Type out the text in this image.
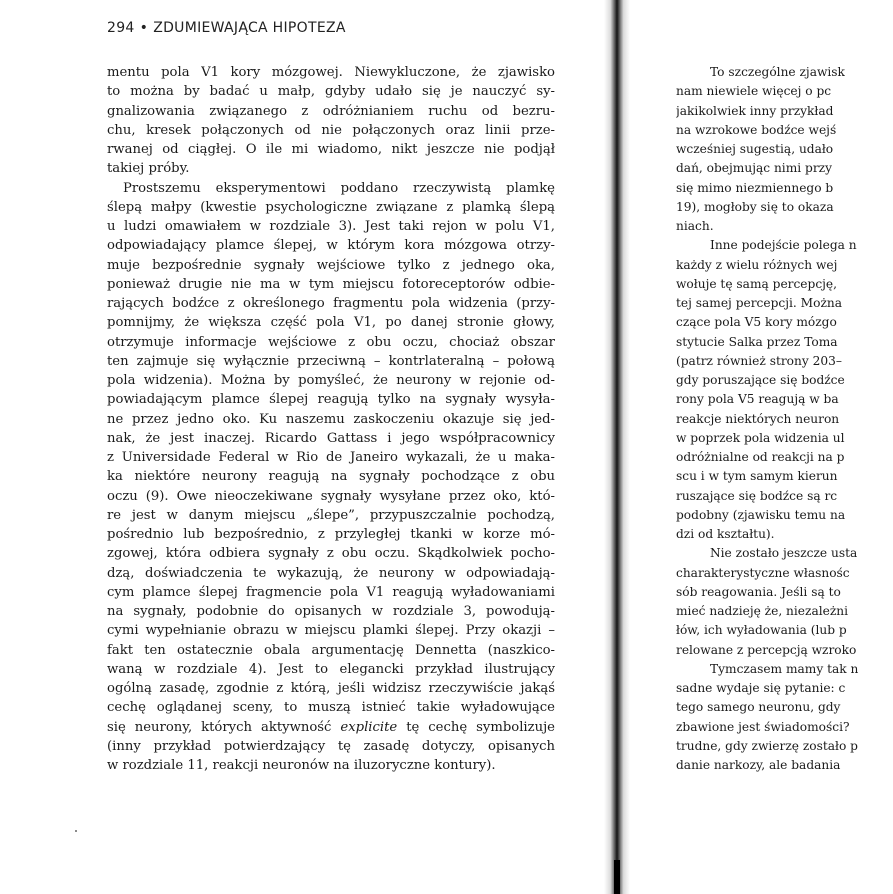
294 • ZDUMIEWAJĄCA HIPOTEZA
mentu pola V1 kory mózgowej. Niewykluczone, że zjawisko
to można by badać u małp, gdyby udało się je nauczyć sy-
gnalizowania związanego z odróżnianiem ruchu od bezru-
chu, kresek połączonych od nie połączonych oraz linii prze-
rwanej od ciągłej. O ile mi wiadomo, nikt jeszcze nie podjął
takiej próby.
Prostszemu eksperymentowi poddano rzeczywistą plamkę
ślepą małpy (kwestie psychologiczne związane z plamką ślepą
u ludzi omawiałem w rozdziale 3). Jest taki rejon w polu V1,
odpowiadający plamce ślepej, w którym kora mózgowa otrzy-
muje bezpośrednie sygnały wejściowe tylko z jednego oka,
ponieważ drugie nie ma w tym miejscu fotoreceptorów odbie-
rających bodźce z określonego fragmentu pola widzenia (przy-
pomnijmy, że większa część pola V1, po danej stronie głowy,
otrzymuje informacje wejściowe z obu oczu, chociaż obszar
ten zajmuje się wyłącznie przeciwną – kontrlateralną – połową
pola widzenia). Można by pomyśleć, że neurony w rejonie od-
powiadającym plamce ślepej reagują tylko na sygnały wysyła-
ne przez jedno oko. Ku naszemu zaskoczeniu okazuje się jed-
nak, że jest inaczej. Ricardo Gattass i jego współpracownicy
z Universidade Federal w Rio de Janeiro wykazali, że u maka-
ka niektóre neurony reagują na sygnały pochodzące z obu
oczu (9). Owe nieoczekiwane sygnały wysyłane przez oko, któ-
re jest w danym miejscu „ślepe”, przypuszczalnie pochodzą,
pośrednio lub bezpośrednio, z przyległej tkanki w korze mó-
zgowej, która odbiera sygnały z obu oczu. Skądkolwiek pocho-
dzą, doświadczenia te wykazują, że neurony w odpowiadają-
cym plamce ślepej fragmencie pola V1 reagują wyładowaniami
na sygnały, podobnie do opisanych w rozdziale 3, powodują-
cymi wypełnianie obrazu w miejscu plamki ślepej. Przy okazji –
fakt ten ostatecznie obala argumentację Dennetta (naszkico-
waną w rozdziale 4). Jest to elegancki przykład ilustrujący
ogólną zasadę, zgodnie z którą, jeśli widzisz rzeczywiście jakąś
cechę oglądanej sceny, to muszą istnieć takie wyładowujące
się neurony, których aktywność explicite tę cechę symbolizuje
(inny przykład potwierdzający tę zasadę dotyczy, opisanych
w rozdziale 11, reakcji neuronów na iluzoryczne kontury).
To szczególne zjawisk
nam niewiele więcej o pc
jakikolwiek inny przykład
na wzrokowe bodźce wejś
wcześniej sugestią, udało
dań, obejmując nimi przy
się mimo niezmiennego b
19), mogłoby się to okaza
niach.
Inne podejście polega n
każdy z wielu różnych wej
wołuje tę samą percepcję,
tej samej percepcji. Można
czące pola V5 kory mózgo
stytucie Salka przez Toma
(patrz również strony 203–
gdy poruszające się bodźce
rony pola V5 reagują w ba
reakcje niektórych neuron
w poprzek pola widzenia ul
odróżnialne od reakcji na p
scu i w tym samym kierun
ruszające się bodźce są rc
podobny (zjawisku temu na
dzi od kształtu).
Nie zostało jeszcze usta
charakterystyczne własnośc
sób reagowania. Jeśli są to
mieć nadzieję że, niezależni
łów, ich wyładowania (lub p
relowane z percepcją wzroko
Tymczasem mamy tak n
sadne wydaje się pytanie: c
tego samego neuronu, gdy
zbawione jest świadomości?
trudne, gdy zwierzę zostało p
danie narkozy, ale badania
